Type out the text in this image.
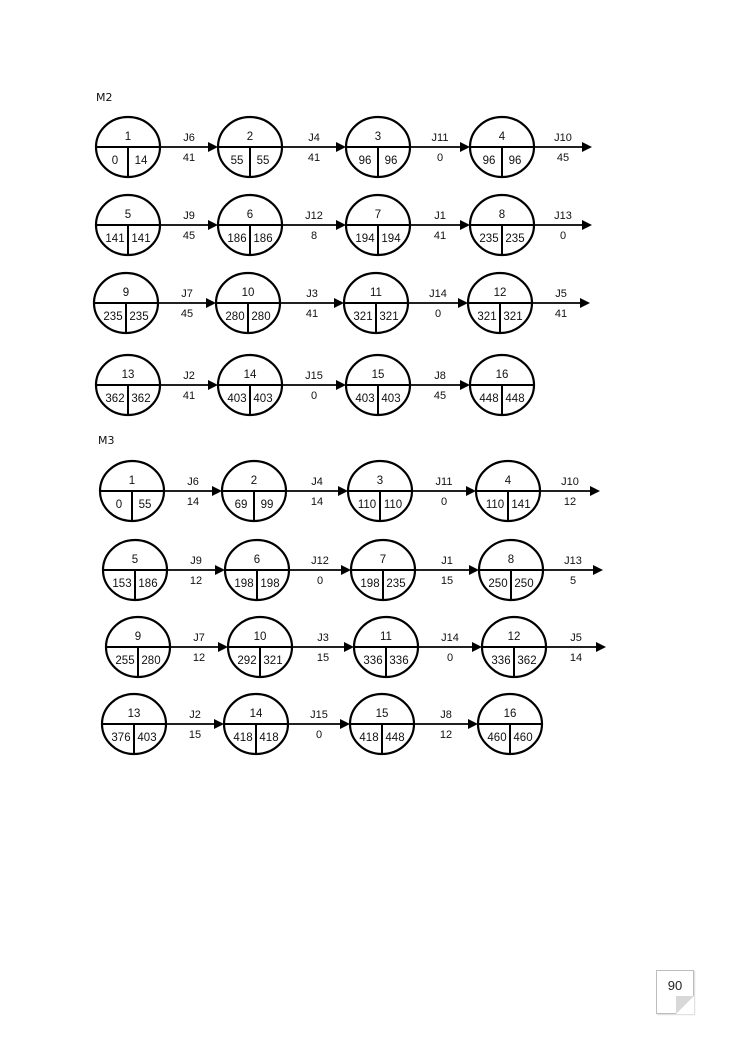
M2
M3
J6
41
J4
41
J11
0
J10
45
1
0 14
2
55 55
3
96 96
4
96 96
J9
45
J12
8
J1
41
J13
0
5
141 141
6
186 186
7
194 194
8
235 235
J7
45
J3
41
J14
0
J5
41
9
235 235
10
280 280
11
321 321
12
321 321
J2
41
J15
0
J8
45
13
362 362
14
403 403
15
403 403
16
448 448
J6
14
J4
14
J11
0
J10
12
1
0 55
2
69 99
3
110 110
4
110 141
J9
12
J12
0
J1
15
J13
5
5
153 186
6
198 198
7
198 235
8
250 250
J7
12
J3
15
J14
0
J5
14
9
255 280
10
292 321
11
336 336
12
336 362
J2
15
J15
0
J8
12
13
376 403
14
418 418
15
418 448
16
460 460
90
